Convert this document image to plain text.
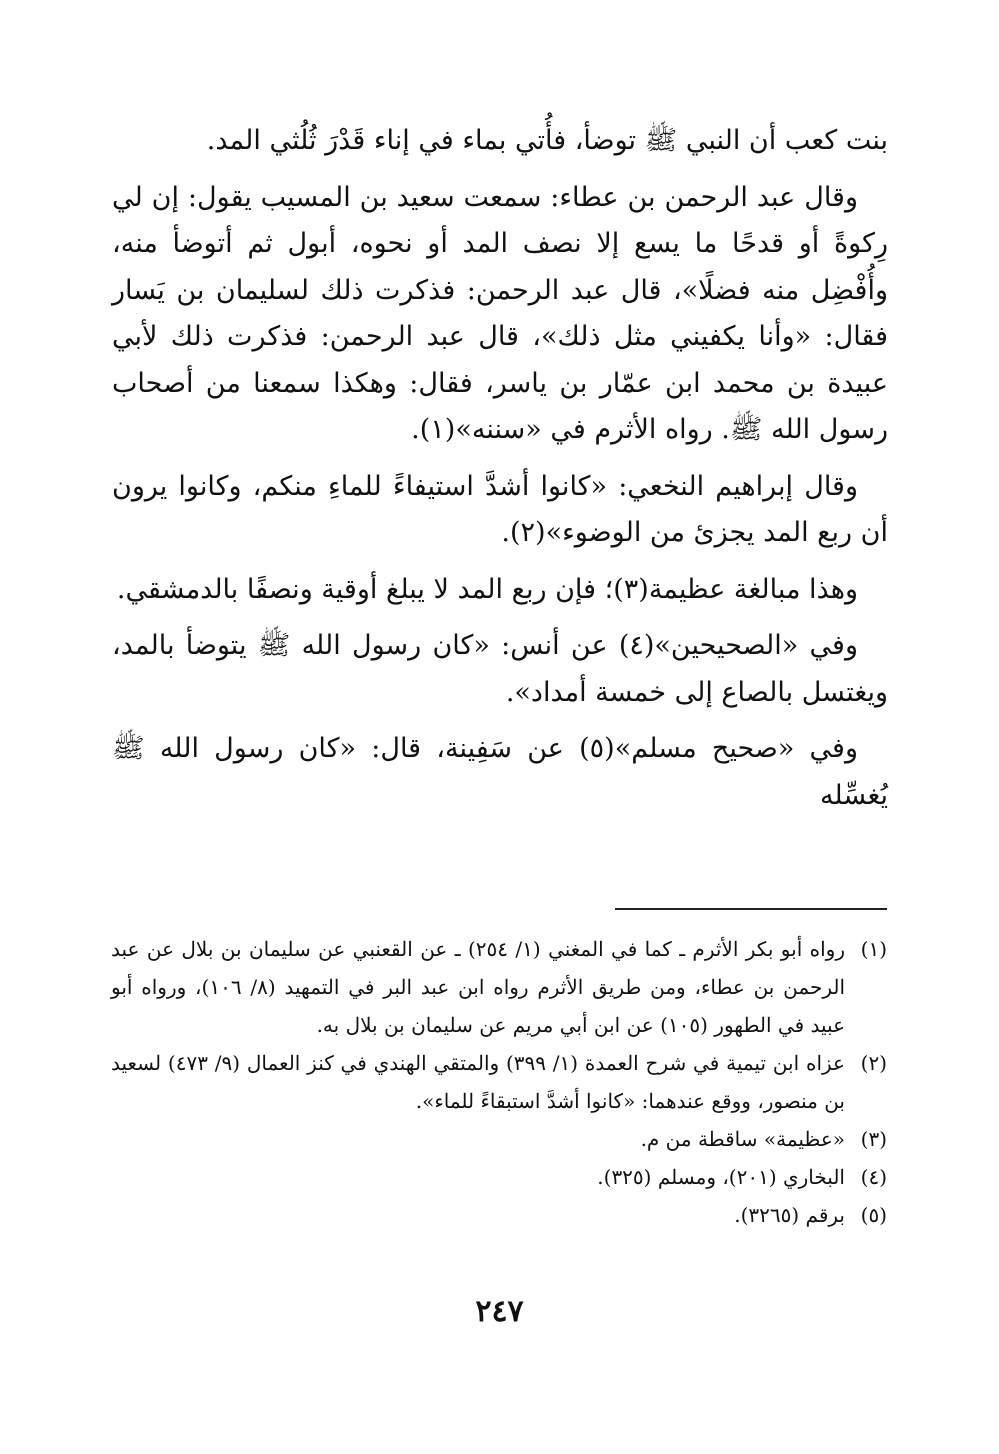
بنت كعب أن النبي ﷺ توضأ، فأُتي بماء في إناء قَدْرَ ثُلُثي المد.

وقال عبد الرحمن بن عطاء: سمعت سعيد بن المسيب يقول: إن لي رِكوةً أو قدحًا ما يسع إلا نصف المد أو نحوه، أبول ثم أتوضأ منه، وأُفْضِل منه فضلًا»، قال عبد الرحمن: فذكرت ذلك لسليمان بن يَسار فقال: «وأنا يكفيني مثل ذلك»، قال عبد الرحمن: فذكرت ذلك لأبي عبيدة بن محمد ابن عمّار بن ياسر، فقال: وهكذا سمعنا من أصحاب رسول الله ﷺ. رواه الأثرم في «سننه»(١).

وقال إبراهيم النخعي: «كانوا أشدَّ استيفاءً للماءِ منكم، وكانوا يرون أن ربع المد يجزئ من الوضوء»(٢).

وهذا مبالغة عظيمة(٣)؛ فإن ربع المد لا يبلغ أوقية ونصفًا بالدمشقي.

وفي «الصحيحين»(٤) عن أنس: «كان رسول الله ﷺ يتوضأ بالمد، ويغتسل بالصاع إلى خمسة أمداد».

وفي «صحيح مسلم»(٥) عن سَفِينة، قال: «كان رسول الله ﷺ يُغسِّله

(١)
رواه أبو بكر الأثرم ـ كما في المغني (١/ ٢٥٤) ـ عن القعنبي عن سليمان بن بلال عن عبد الرحمن بن عطاء، ومن طريق الأثرم رواه ابن عبد البر في التمهيد (٨/ ١٠٦)، ورواه أبو عبيد في الطهور (١٠٥) عن ابن أبي مريم عن سليمان بن بلال به.
(٢)
عزاه ابن تيمية في شرح العمدة (١/ ٣٩٩) والمتقي الهندي في كنز العمال (٩/ ٤٧٣) لسعيد بن منصور، ووقع عندهما: «كانوا أشدَّ استبقاءً للماء».
(٣)
«عظيمة» ساقطة من م.
(٤)
البخاري (٢٠١)، ومسلم (٣٢٥).
(٥)
برقم (٣٢٦٥).
٢٤٧
